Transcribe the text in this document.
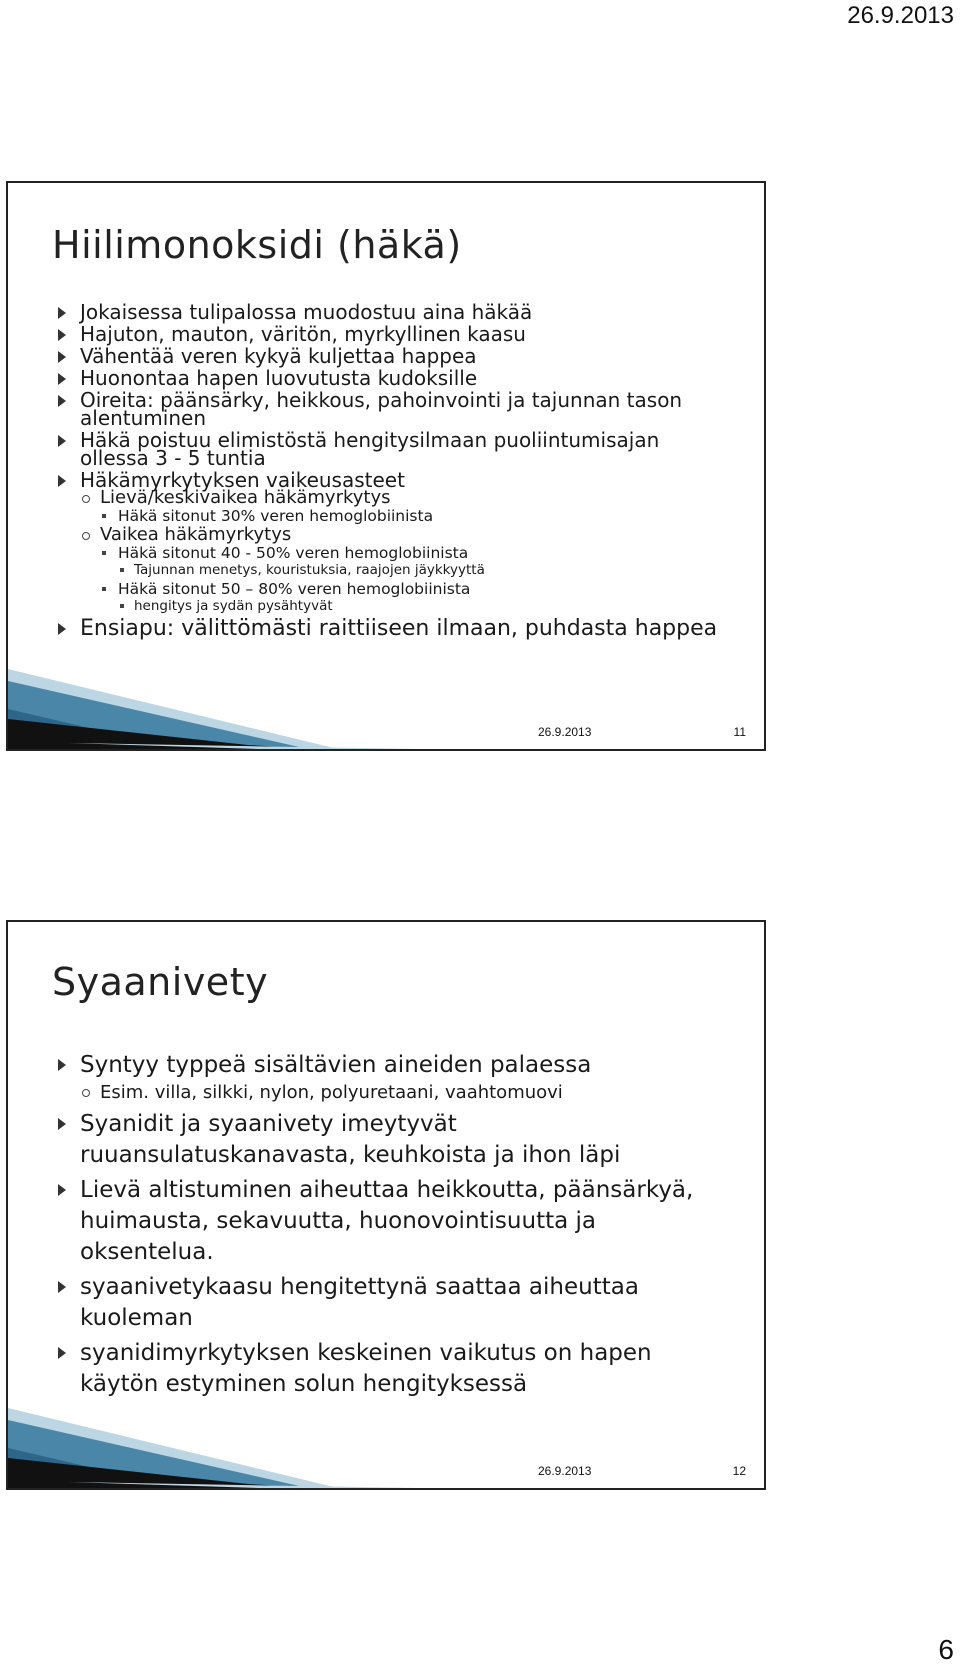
26.9.2013
Hiilimonoksidi (häkä)
Jokaisessa tulipalossa muodostuu aina häkää
Hajuton, mauton, väritön, myrkyllinen kaasu
Vähentää veren kykyä kuljettaa happea
Huonontaa hapen luovutusta kudoksille
Oireita: päänsärky, heikkous, pahoinvointi ja tajunnan tason alentuminen
Häkä poistuu elimistöstä hengitysilmaan puoliintumisajan ollessa 3 - 5 tuntia
Häkämyrkytyksen vaikeusasteet
Lievä/keskivaikea häkämyrkytys
Häkä sitonut 30% veren hemoglobiinista
Vaikea häkämyrkytys
Häkä sitonut 40 - 50% veren hemoglobiinista
Tajunnan menetys, kouristuksia, raajojen jäykkyyttä
Häkä sitonut 50 – 80% veren hemoglobiinista
hengitys ja sydän pysähtyvät
Ensiapu: välittömästi raittiiseen ilmaan, puhdasta happea
26.9.2013	11
Syaanivety
Syntyy typpeä sisältävien aineiden palaessa
Esim. villa, silkki, nylon, polyuretaani, vaahtomuovi
Syanidit ja syaanivety imeytyvät ruuansulatuskanavasta, keuhkoista ja ihon läpi
Lievä altistuminen aiheuttaa heikkoutta, päänsärkyä, huimausta, sekavuutta, huonovointisuutta ja oksentelua.
syaanivetykaasu hengitettynä saattaa aiheuttaa kuoleman
syanidimyrkytyksen keskeinen vaikutus on hapen käytön estyminen solun hengityksessä
26.9.2013	12
6
